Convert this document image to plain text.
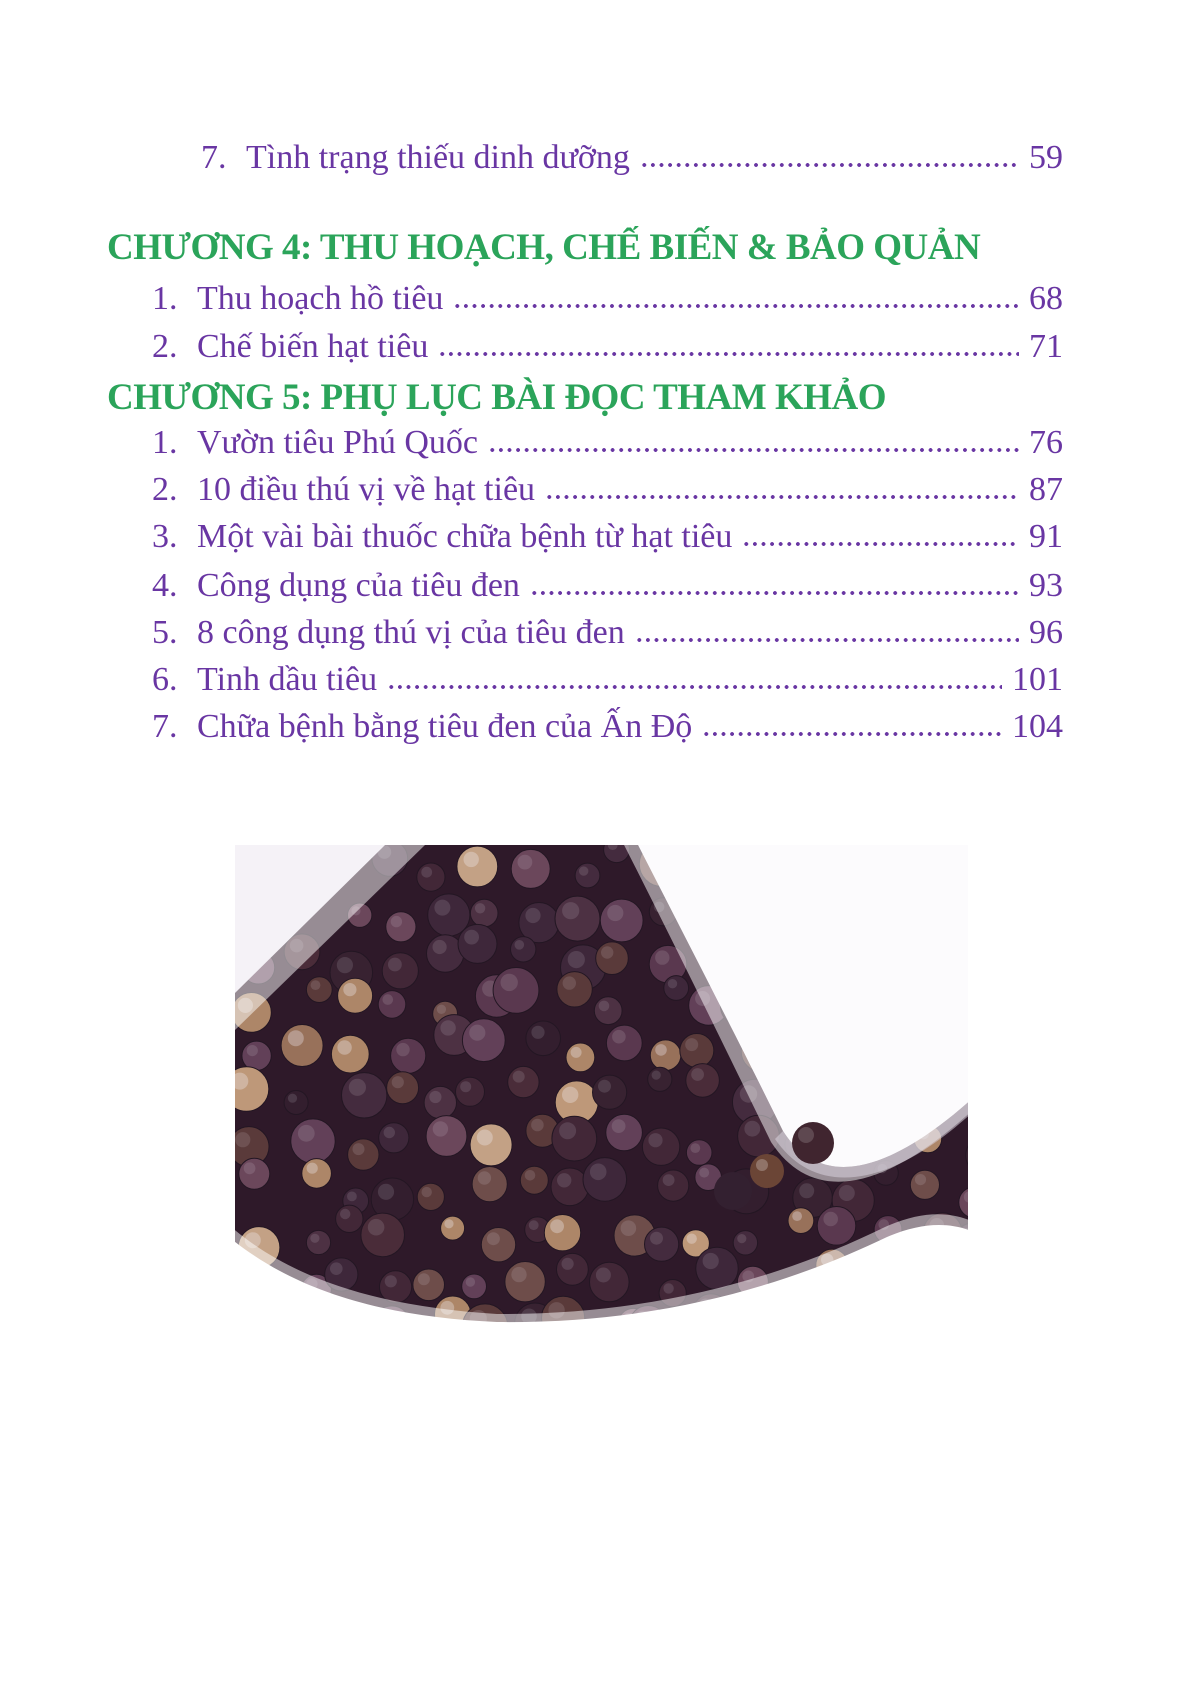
7. Tình trạng thiếu dinh dưỡng	59
CHƯƠNG 4: THU HOẠCH, CHẾ BIẾN & BẢO QUẢN
1. Thu hoạch hồ tiêu	68
2. Chế biến hạt tiêu	71
CHƯƠNG 5: PHỤ LỤC BÀI ĐỌC THAM KHẢO
1. Vườn tiêu Phú Quốc	76
2. 10 điều thú vị về hạt tiêu	87
3. Một vài bài thuốc chữa bệnh từ hạt tiêu	91
4. Công dụng của tiêu đen	93
5. 8 công dụng thú vị của tiêu đen	96
6. Tinh dầu tiêu	101
7. Chữa bệnh bằng tiêu đen của Ấn Độ	104
